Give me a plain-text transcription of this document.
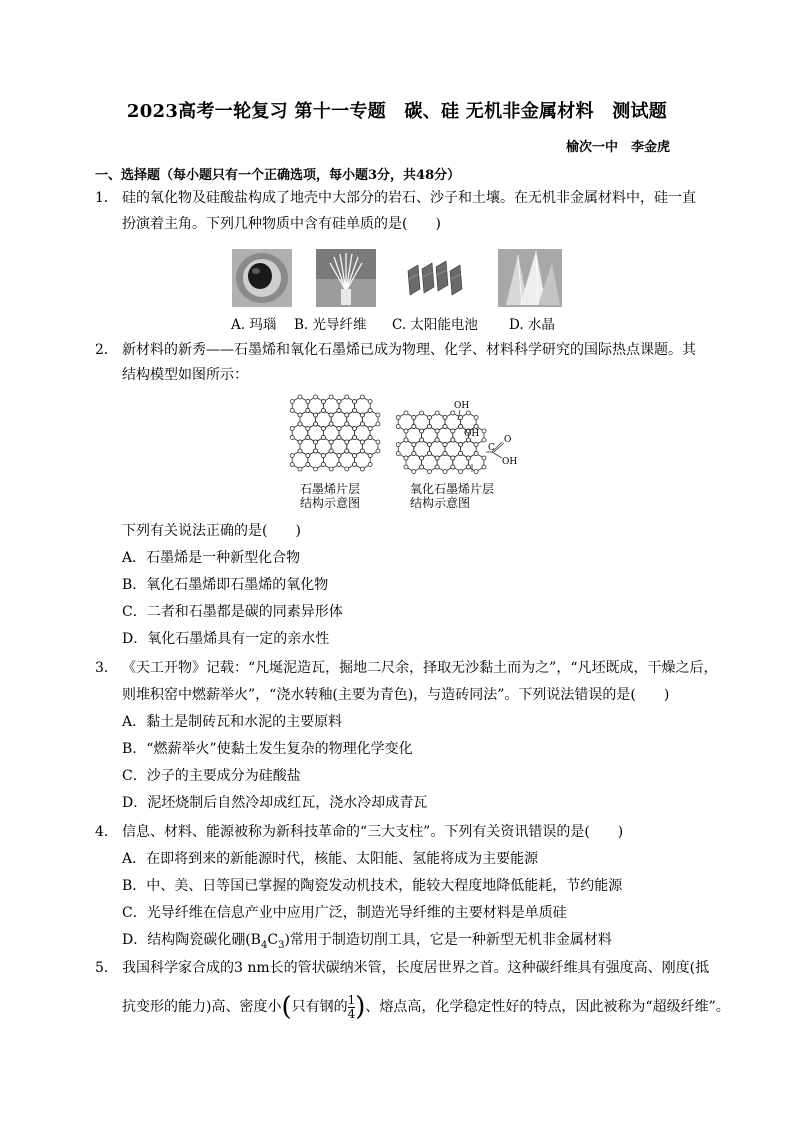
2023高考一轮复习 第十一专题　碳、硅 无机非金属材料　测试题
榆次一中　李金虎
一、选择题（每小题只有一个正确选项，每小题3分，共48分）
1． 硅的氧化物及硅酸盐构成了地壳中大部分的岩石、沙子和土壤。在无机非金属材料中，硅一直
扮演着主角。下列几种物质中含有硅单质的是(　　)
A. 玛瑙 B. 光导纤维 C. 太阳能电池 D. 水晶
2． 新材料的新秀——石墨烯和氧化石墨烯已成为物理、化学、材料科学研究的国际热点课题。其
结构模型如图所示：
OH
OH
O
C
OH
石墨烯片层
结构示意图
氧化石墨烯片层
结构示意图
下列有关说法正确的是(　　)
A．石墨烯是一种新型化合物
B．氧化石墨烯即石墨烯的氧化物
C．二者和石墨都是碳的同素异形体
D．氧化石墨烯具有一定的亲水性
3． 《天工开物》记载：“凡埏泥造瓦，掘地二尺余，择取无沙黏土而为之”，“凡坯既成，干燥之后，
则堆积窑中燃薪举火”，“浇水转釉(主要为青色)，与造砖同法”。下列说法错误的是(　　)
A．黏土是制砖瓦和水泥的主要原料
B．“燃薪举火”使黏土发生复杂的物理化学变化
C．沙子的主要成分为硅酸盐
D．泥坯烧制后自然冷却成红瓦，浇水冷却成青瓦
4． 信息、材料、能源被称为新科技革命的“三大支柱”。下列有关资讯错误的是(　　)
A．在即将到来的新能源时代，核能、太阳能、氢能将成为主要能源
B．中、美、日等国已掌握的陶瓷发动机技术，能较大程度地降低能耗，节约能源
C．光导纤维在信息产业中应用广泛，制造光导纤维的主要材料是单质硅
D．结构陶瓷碳化硼$(B_4C_3)$常用于制造切削工具，它是一种新型无机非金属材料
5． 我国科学家合成的3 nm长的管状碳纳米管，长度居世界之首。这种碳纤维具有强度高、刚度(抵
抗变形的能力)高、密度小(只有钢的 $\frac{1}{4}$ )、熔点高，化学稳定性好的特点，因此被称为“超级纤维”。
